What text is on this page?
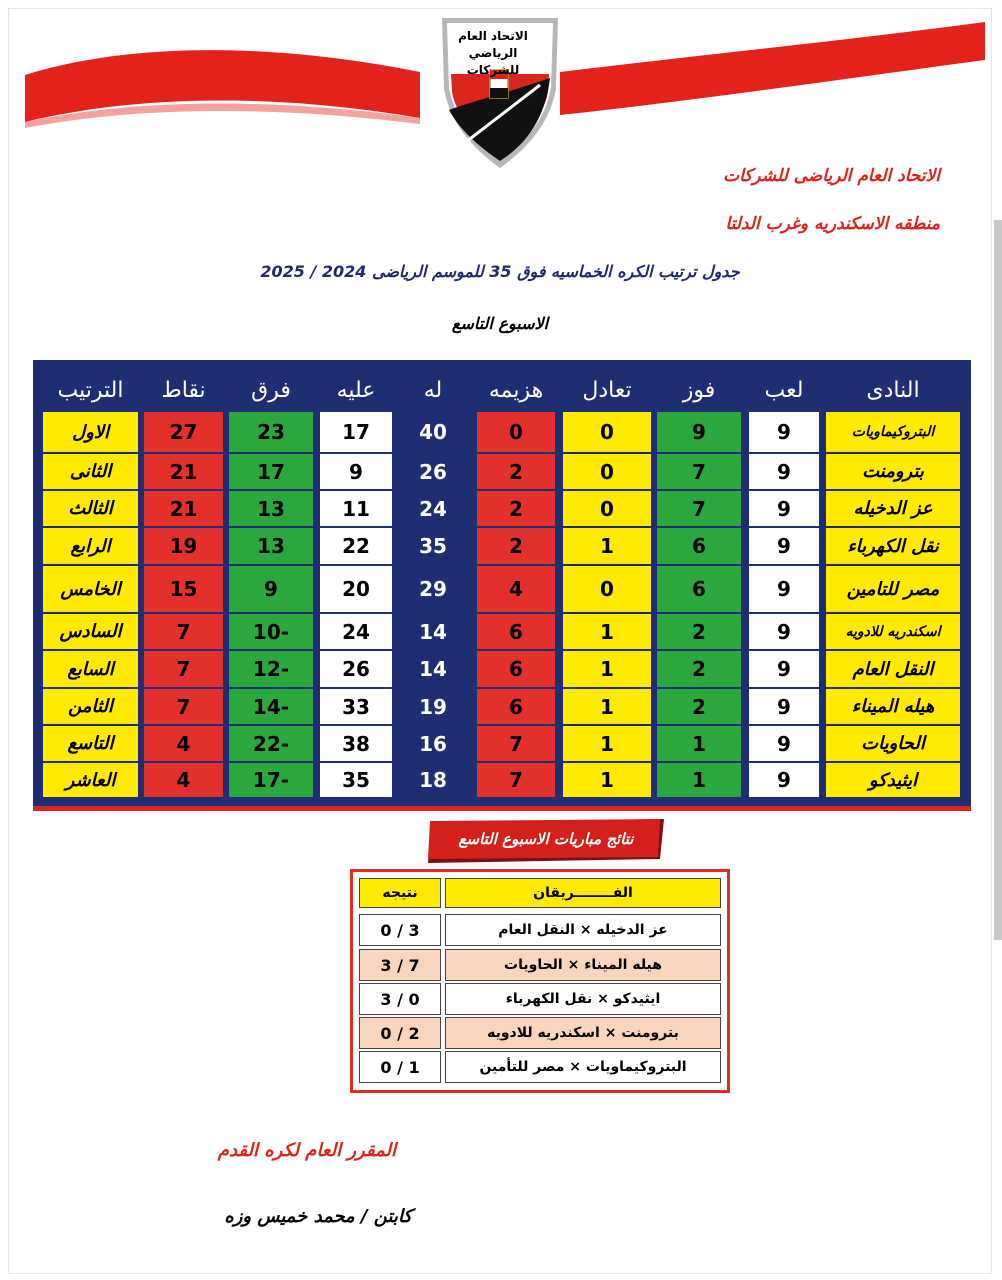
الاتحاد العام
الرياضي
للشركات
الاتحاد العام الرياضى للشركات
منطقه الاسكندريه وغرب الدلتا
جدول ترتيب الكره الخماسيه فوق 35 للموسم الرياضى 2024 / 2025
الاسبوع التاسع
النادى
لعب
فوز
تعادل
هزيمه
له
عليه
فرق
نقاط
الترتيب
البتروكيماويات
9
9
0
0
40
17
23
27
الاول
بترومنت
9
7
0
2
26
9
17
21
الثانى
عز الدخيله
9
7
0
2
24
11
13
21
الثالث
نقل الكهرباء
9
6
1
2
35
22
13
19
الرابع
مصر للتامين
9
6
0
4
29
20
9
15
الخامس
اسكندريه للادويه
9
2
1
6
14
24
-10
7
السادس
النقل العام
9
2
1
6
14
26
-12
7
السابع
هيله الميناء
9
2
1
6
19
33
-14
7
الثامن
الحاويات
9
1
1
7
16
38
-22
4
التاسع
ايثيدكو
9
1
1
7
18
35
-17
4
العاشر
نتائج مباريات الاسبوع التاسع
الفــــــــريقان
نتيجه
عز الدخيله × النقل العام
3 / 0
هيله الميناء × الحاويات
7 / 3
ايثيدكو × نقل الكهرباء
0 / 3
بترومنت × اسكندريه للادويه
2 / 0
البتروكيماويات × مصر للتأمين
1 / 0
المقرر العام لكره القدم
كابتن / محمد خميس وزه
